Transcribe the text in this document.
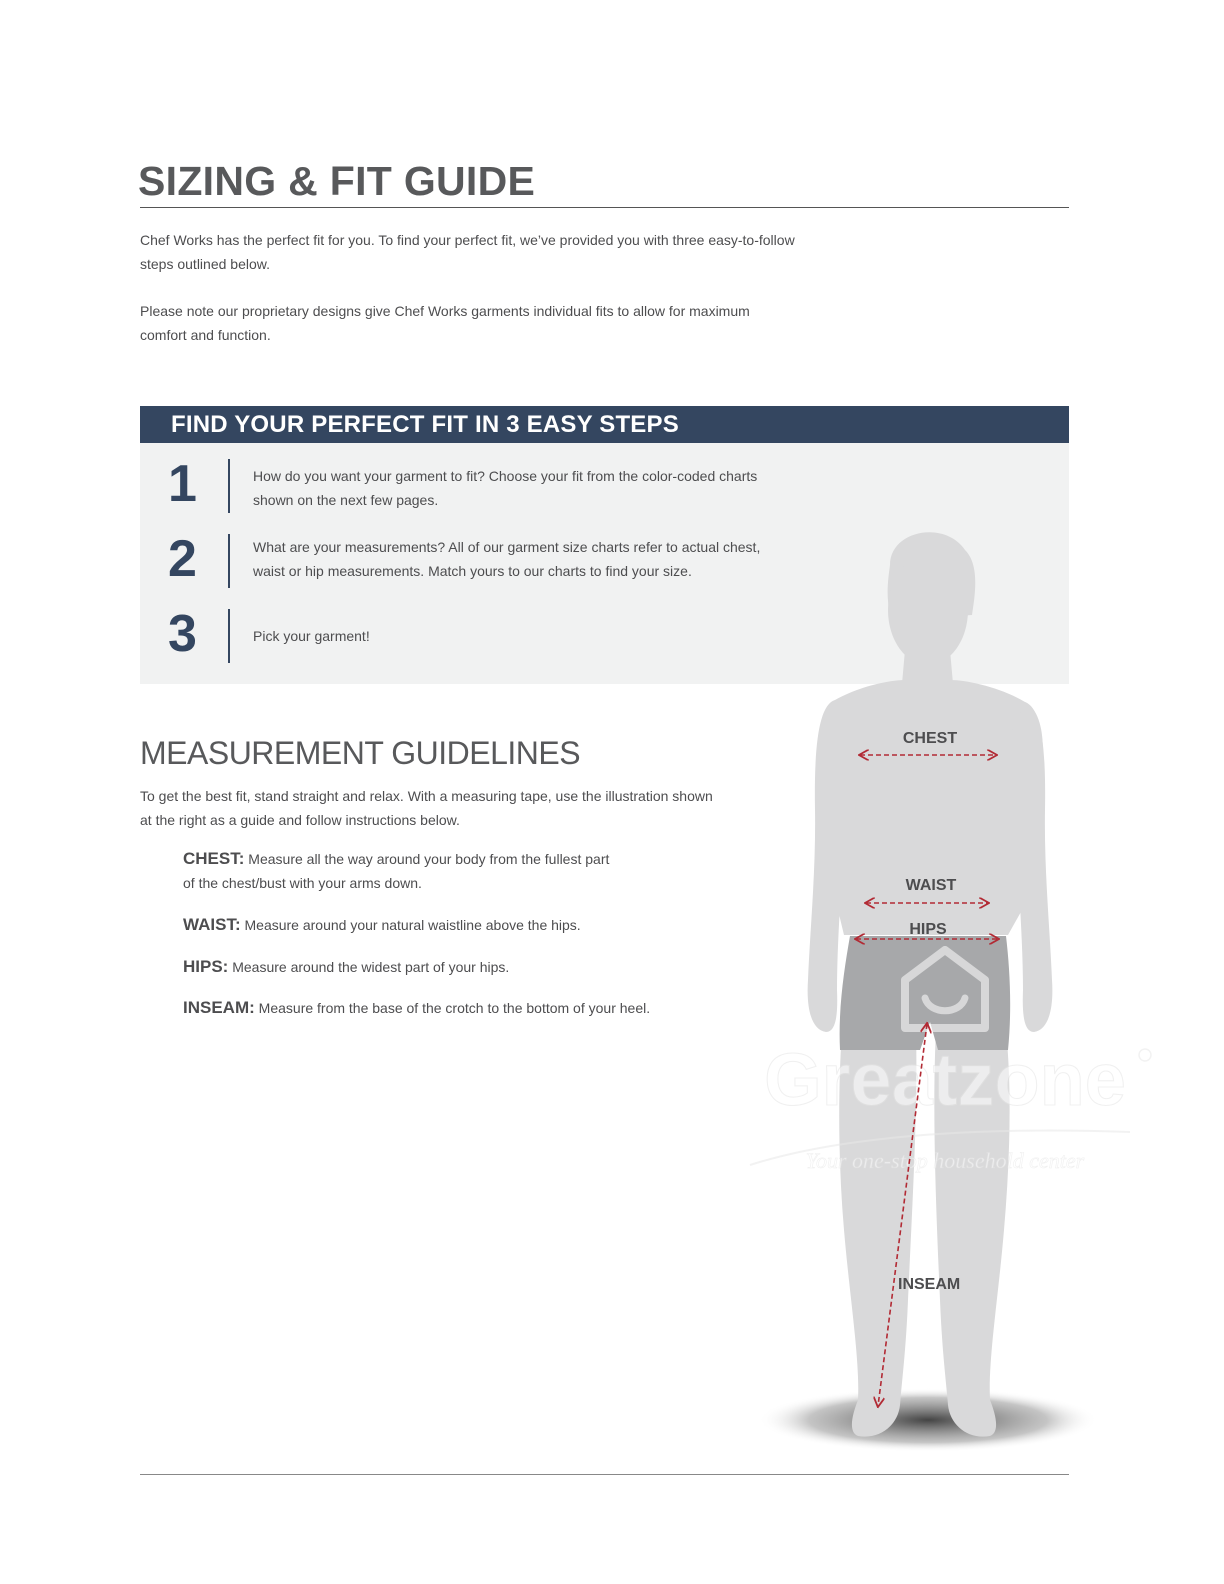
SIZING & FIT GUIDE

Chef Works has the perfect fit for you. To find your perfect fit, we’ve provided you with three easy-to-follow steps outlined below.

Please note our proprietary designs give Chef Works garments individual fits to allow for maximum comfort and function.

FIND YOUR PERFECT FIT IN 3 EASY STEPS
1	How do you want your garment to fit? Choose your fit from the color-coded charts shown on the next few pages.

2	What are your measurements? All of our garment size charts refer to actual chest, waist or hip measurements. Match yours to our charts to find your size.

3	Pick your garment!

MEASUREMENT GUIDELINES

To get the best fit, stand straight and relax. With a measuring tape, use the illustration shown at the right as a guide and follow instructions below.

CHEST: Measure all the way around your body from the fullest part of the chest/bust with your arms down.

WAIST: Measure around your natural waistline above the hips.

HIPS: Measure around the widest part of your hips.

INSEAM: Measure from the base of the crotch to the bottom of your heel.

Greatzone
Your one-stop household center
CHEST
WAIST
HIPS
INSEAM
